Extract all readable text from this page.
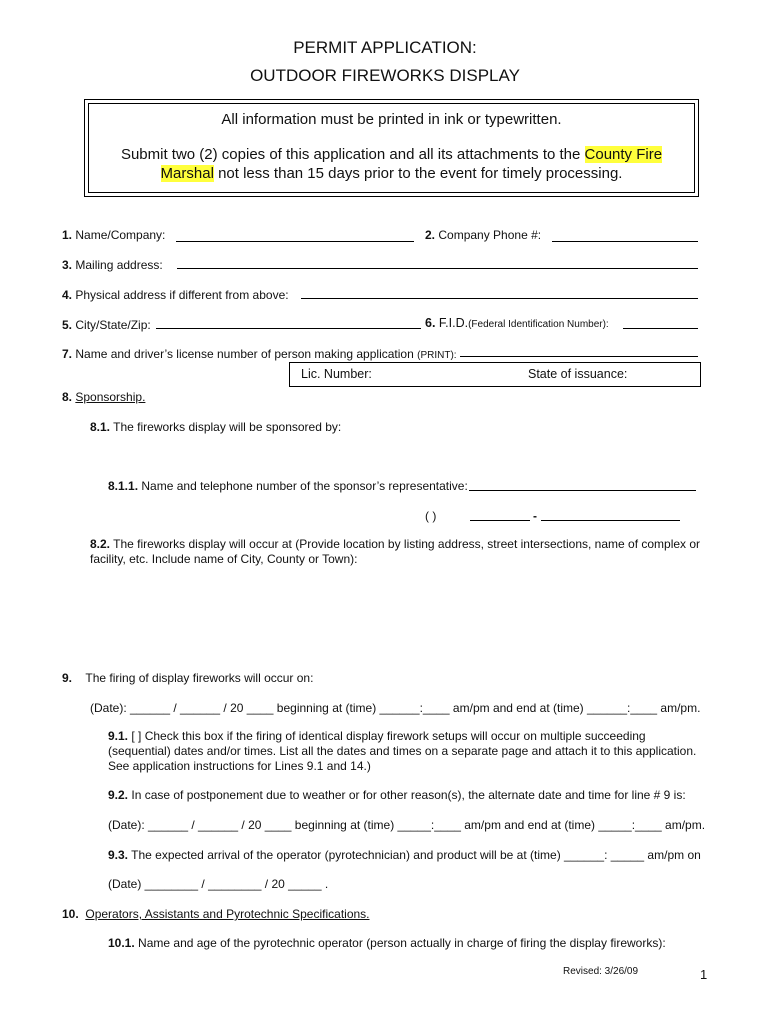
PERMIT APPLICATION:
OUTDOOR FIREWORKS DISPLAY
All information must be printed in ink or typewritten.
Submit two (2) copies of this application and all its attachments to the County Fire
Marshal not less than 15 days prior to the event for timely processing.
1. Name/Company:	2. Company Phone #:
3. Mailing address:
4. Physical address if different from above:
5. City/State/Zip:	6. F.I.D.(Federal Identification Number):
7. Name and driver’s license number of person making application (PRINT):
Lic. Number:	State of issuance:
8. Sponsorship.
8.1. The fireworks display will be sponsored by:
8.1.1. Name and telephone number of the sponsor’s representative:
( )	-
8.2. The fireworks display will occur at (Provide location by listing address, street intersections, name of complex or
facility, etc. Include name of City, County or Town):
9. The firing of display fireworks will occur on:
(Date): ______ / ______ / 20 ____ beginning at (time) ______:____ am/pm and end at (time) ______:____ am/pm.
9.1. [ ] Check this box if the firing of identical display firework setups will occur on multiple succeeding
(sequential) dates and/or times. List all the dates and times on a separate page and attach it to this application.
See application instructions for Lines 9.1 and 14.)
9.2. In case of postponement due to weather or for other reason(s), the alternate date and time for line # 9 is:
(Date): ______ / ______ / 20 ____ beginning at (time) _____:____ am/pm and end at (time) _____:____ am/pm.
9.3. The expected arrival of the operator (pyrotechnician) and product will be at (time) ______: _____ am/pm on
(Date) ________ / ________ / 20 _____ .
10. Operators, Assistants and Pyrotechnic Specifications.
10.1. Name and age of the pyrotechnic operator (person actually in charge of firing the display fireworks):
Revised: 3/26/09	1
